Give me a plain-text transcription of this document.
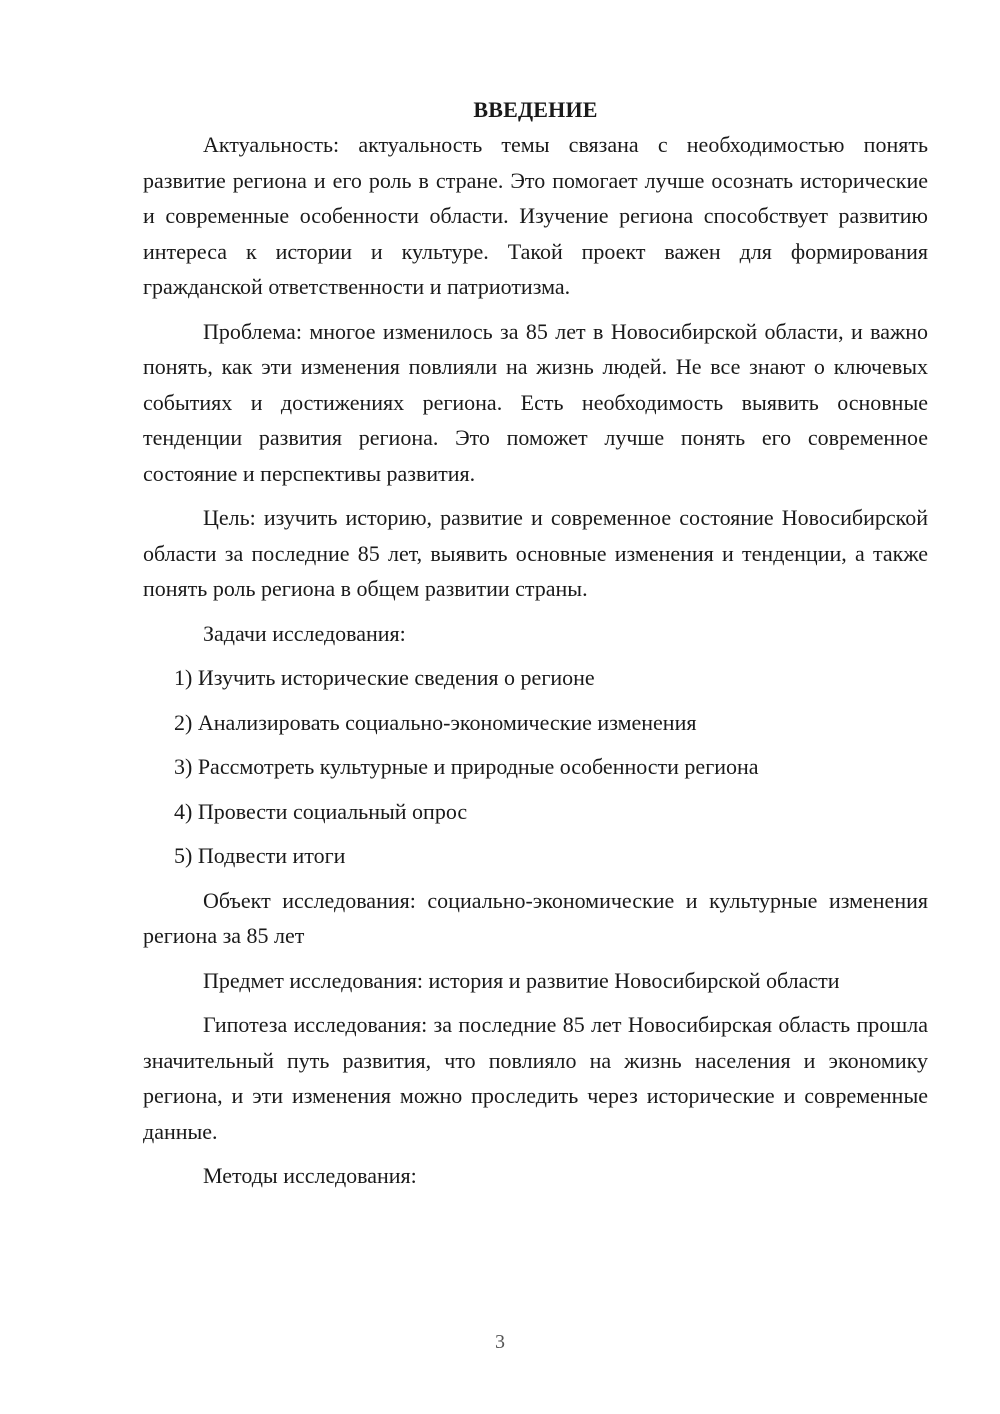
ВВЕДЕНИЕ

Актуальность: актуальность темы связана с необходимостью понять развитие региона и его роль в стране. Это помогает лучше осознать исторические и современные особенности области. Изучение региона способствует развитию интереса к истории и культуре. Такой проект важен для формирования гражданской ответственности и патриотизма.

Проблема: многое изменилось за 85 лет в Новосибирской области, и важно понять, как эти изменения повлияли на жизнь людей. Не все знают о ключевых событиях и достижениях региона. Есть необходимость выявить основные тенденции развития региона. Это поможет лучше понять его современное состояние и перспективы развития.

Цель: изучить историю, развитие и современное состояние Новосибирской области за последние 85 лет, выявить основные изменения и тенденции, а также понять роль региона в общем развитии страны.

Задачи исследования:

1) Изучить исторические сведения о регионе

2) Анализировать социально-экономические изменения

3) Рассмотреть культурные и природные особенности региона

4) Провести социальный опрос

5) Подвести итоги

Объект исследования: социально-экономические и культурные изменения региона за 85 лет

Предмет исследования: история и развитие Новосибирской области

Гипотеза исследования: за последние 85 лет Новосибирская область прошла значительный путь развития, что повлияло на жизнь населения и экономику региона, и эти изменения можно проследить через исторические и современные данные.

Методы исследования:

3
